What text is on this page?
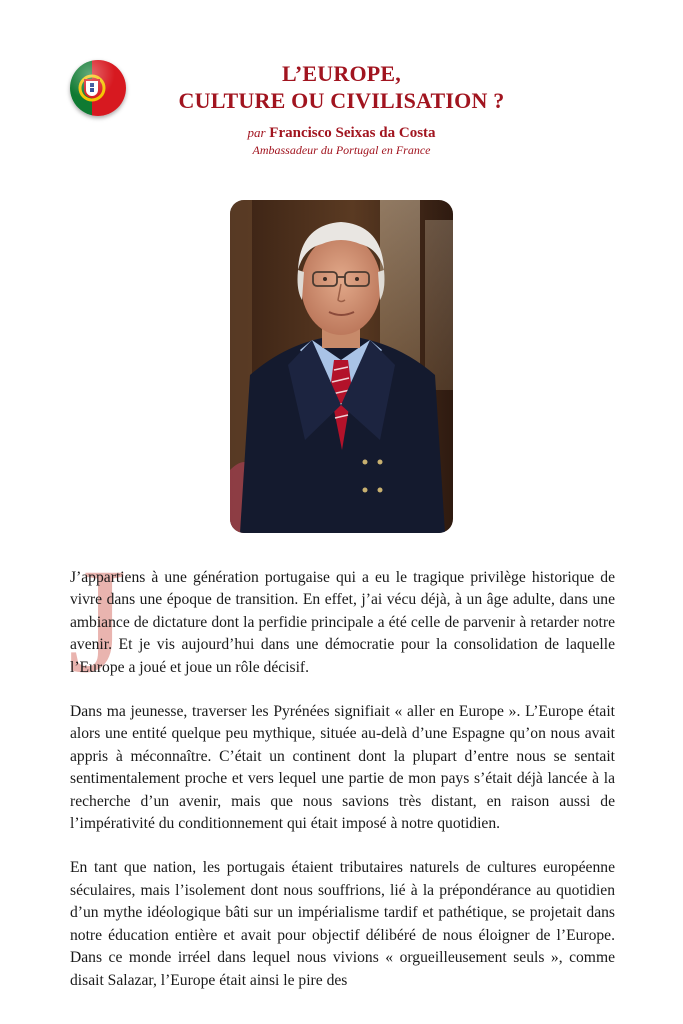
L’EUROPE,
CULTURE OU CIVILISATION ?
par Francisco Seixas da Costa
Ambassadeur du Portugal en France
J

J’appartiens à une génération portugaise qui a eu le tragique privilège historique de vivre dans une époque de transition. En effet, j’ai vécu déjà, à un âge adulte, dans une ambiance de dictature dont la perfidie principale a été celle de parvenir à retarder notre avenir. Et je vis aujourd’hui dans une démocratie pour la consolidation de laquelle l’Europe a joué et joue un rôle décisif.

Dans ma jeunesse, traverser les Pyrénées signifiait « aller en Europe ». L’Europe était alors une entité quelque peu mythique, située au-delà d’une Espagne qu’on nous avait appris à méconnaître. C’était un continent dont la plupart d’entre nous se sentait sentimentalement proche et vers lequel une partie de mon pays s’était déjà lancée à la recherche d’un avenir, mais que nous savions très distant, en raison aussi de l’impérativité du conditionnement qui était imposé à notre quotidien.

En tant que nation, les portugais étaient tributaires naturels de cultures européenne séculaires, mais l’isolement dont nous souffrions, lié à la prépondérance au quotidien d’un mythe idéologique bâti sur un impérialisme tardif et pathétique, se projetait dans notre éducation entière et avait pour objectif délibéré de nous éloigner de l’Europe. Dans ce monde irréel dans lequel nous vivions « orgueilleusement seuls », comme disait Salazar, l’Europe était ainsi le pire des
